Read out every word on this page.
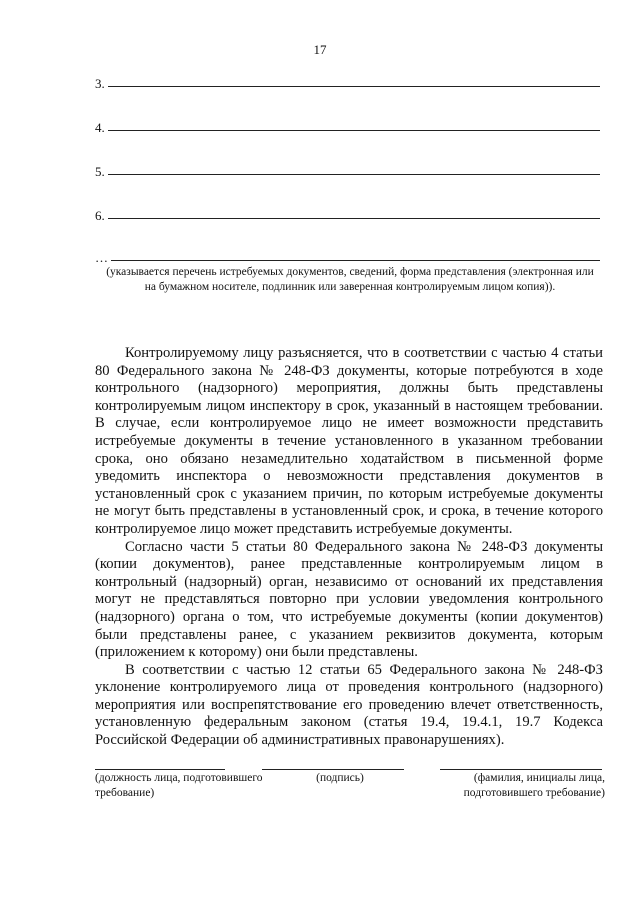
17
3.
4.
5.
6.
…
(указывается перечень истребуемых документов, сведений, форма представления (электронная или на бумажном носителе, подлинник или заверенная контролируемым лицом копия)).

Контролируемому лицу разъясняется, что в соответствии с частью 4 статьи 80 Федерального закона № 248-ФЗ документы, которые потребуются в ходе контрольного (надзорного) мероприятия, должны быть представлены контролируемым лицом инспектору в срок, указанный в настоящем требовании. В случае, если контролируемое лицо не имеет возможности представить истребуемые документы в течение установленного в указанном требовании срока, оно обязано незамедлительно ходатайством в письменной форме уведомить инспектора о невозможности представления документов в установленный срок с указанием причин, по которым истребуемые документы не могут быть представлены в установленный срок, и срока, в течение которого контролируемое лицо может представить истребуемые документы.

Согласно части 5 статьи 80 Федерального закона № 248-ФЗ документы (копии документов), ранее представленные контролируемым лицом в контрольный (надзорный) орган, независимо от оснований их представления могут не представляться повторно при условии уведомления контрольного (надзорного) органа о том, что истребуемые документы (копии документов) были представлены ранее, с указанием реквизитов документа, которым (приложением к которому) они были представлены.

В соответствии с частью 12 статьи 65 Федерального закона № 248-ФЗ уклонение контролируемого лица от проведения контрольного (надзорного) мероприятия или воспрепятствование его проведению влечет ответственность, установленную федеральным законом (статья 19.4, 19.4.1, 19.7 Кодекса Российской Федерации об административных правонарушениях).

(должность лица, подготовившего требование)
(подпись)	(фамилия, инициалы лица, подготовившего требование)
